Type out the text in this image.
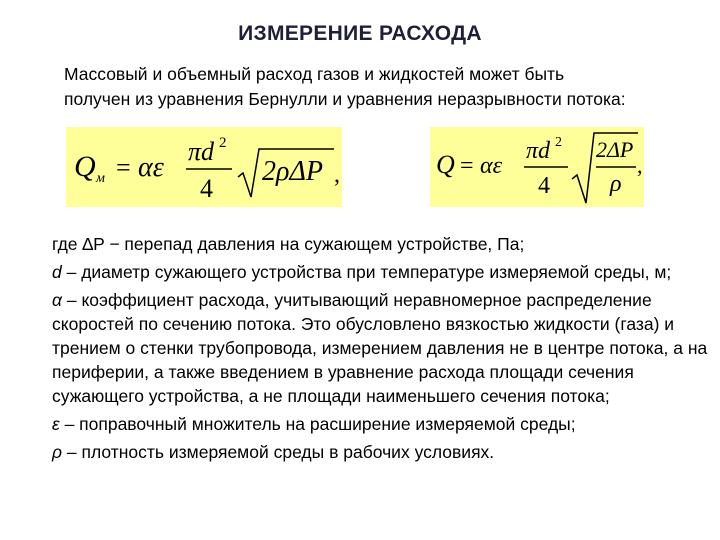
ИЗМЕРЕНИЕ РАСХОДА
Массовый и объемный расход газов и жидкостей может быть
получен из уравнения Бернулли и уравнения неразрывности потока:
Q м = αε
πd 2
4
2ρΔP ,	Q = αε
πd 2
4
2ΔP
ρ
,

где ∆P − перепад давления на сужающем устройстве, Па;

d – диаметр сужающего устройства при температуре измеряемой среды, м;

α – коэффициент расхода, учитывающий неравномерное распределение скоростей по сечению потока. Это обусловлено вязкостью жидкости (газа) и трением о стенки трубопровода, измерением давления не в центре потока, а на периферии, а также введением в уравнение расхода площади сечения сужающего устройства, а не площади наименьшего сечения потока;

ε – поправочный множитель на расширение измеряемой среды;

ρ – плотность измеряемой среды в рабочих условиях.
